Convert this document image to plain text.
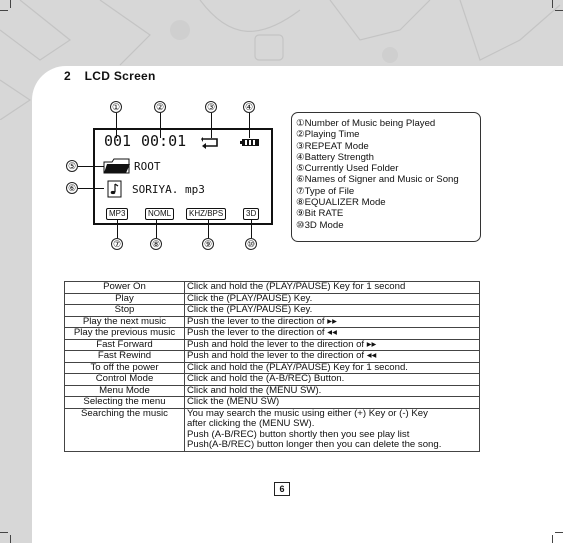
2 LCD Screen
①	②	③	④
001 00:01
⑤
⑥
ROOT
SORIYA. mp3
MP3	NOML	KHZ/BPS	3D
⑦	⑧	⑨	⑩
①Number of Music being Played
②Playing Time
③REPEAT Mode
④Battery Strength
⑤Currently Used Folder
⑥Names of Signer and Music or Song
⑦Type of File
⑧EQUALIZER Mode
⑨Bit RATE
⑩3D Mode
Power On	Click and hold the (PLAY/PAUSE) Key for 1 second

Play	Click the (PLAY/PAUSE) Key.

Stop	Click the (PLAY/PAUSE) Key.

Play the next music	Push the lever to the direction of ▸▸

Play the previous music	Push the lever to the direction of ◂◂

Fast Forward	Push and hold the lever to the direction of ▸▸

Fast Rewind	Push and hold the lever to the direction of ◂◂

To off the power	Click and hold the (PLAY/PAUSE) Key for 1 second.

Control Mode	Click and hold the (A-B/REC) Button.

Menu Mode	Click and hold the (MENU SW).

Selecting the menu	Click the (MENU SW)

Searching the music	You may search the music using either (+) Key or (-) Key
after clicking the (MENU SW).
Push (A-B/REC) button shortly then you see play list
Push(A-B/REC) button longer then you can delete the song.
6
